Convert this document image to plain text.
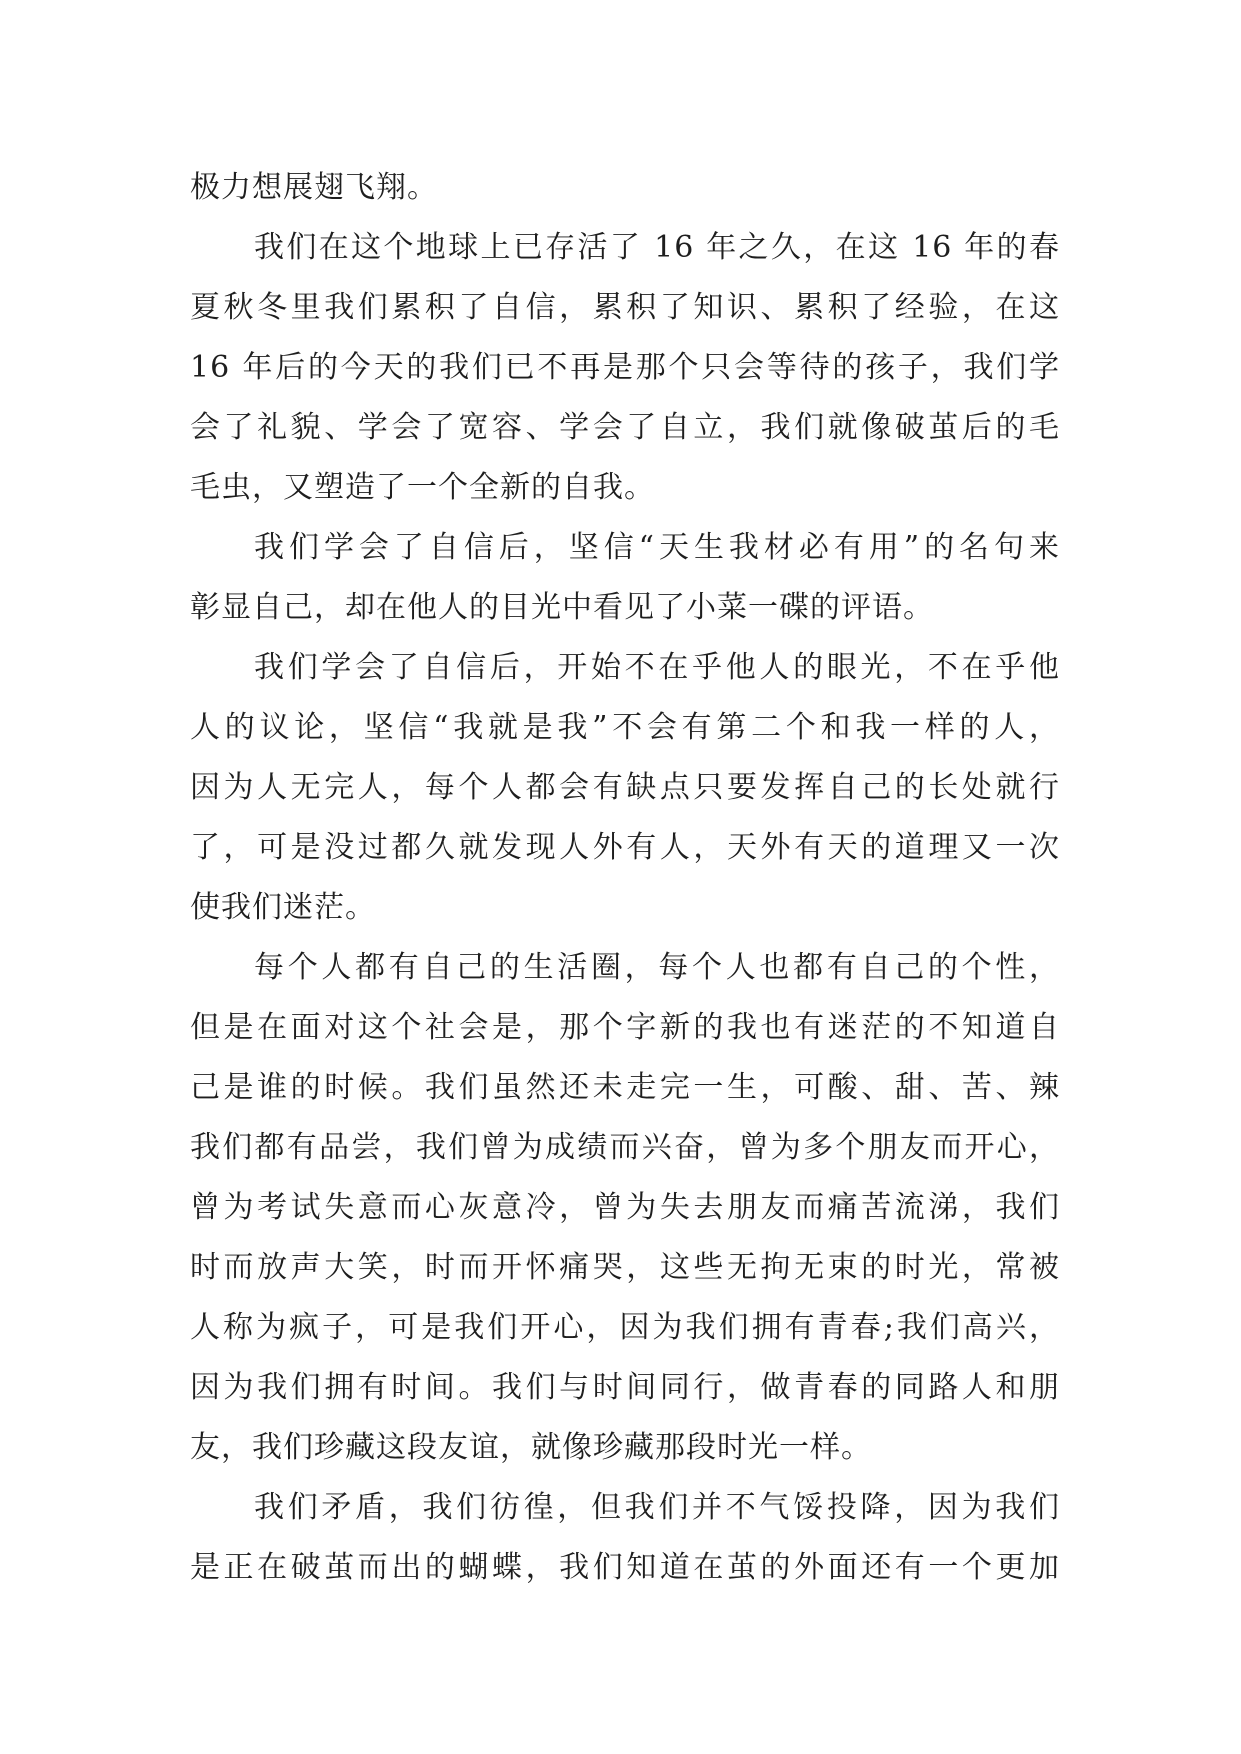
极力想展翅飞翔。
我们在这个地球上已存活了 16 年之久，在这 16 年的春
夏秋冬里我们累积了自信，累积了知识、累积了经验，在这
16 年后的今天的我们已不再是那个只会等待的孩子，我们学
会了礼貌、学会了宽容、学会了自立，我们就像破茧后的毛
毛虫，又塑造了一个全新的自我。
我们学会了自信后，坚信“天生我材必有用”的名句来
彰显自己，却在他人的目光中看见了小菜一碟的评语。
我们学会了自信后，开始不在乎他人的眼光，不在乎他
人的议论，坚信“我就是我”不会有第二个和我一样的人，
因为人无完人，每个人都会有缺点只要发挥自己的长处就行
了，可是没过都久就发现人外有人，天外有天的道理又一次
使我们迷茫。
每个人都有自己的生活圈，每个人也都有自己的个性，
但是在面对这个社会是，那个字新的我也有迷茫的不知道自
己是谁的时候。我们虽然还未走完一生，可酸、甜、苦、辣
我们都有品尝，我们曾为成绩而兴奋，曾为多个朋友而开心，
曾为考试失意而心灰意冷，曾为失去朋友而痛苦流涕，我们
时而放声大笑，时而开怀痛哭，这些无拘无束的时光，常被
人称为疯子，可是我们开心，因为我们拥有青春;我们高兴，
因为我们拥有时间。我们与时间同行，做青春的同路人和朋
友，我们珍藏这段友谊，就像珍藏那段时光一样。
我们矛盾，我们彷徨，但我们并不气馁投降，因为我们
是正在破茧而出的蝴蝶，我们知道在茧的外面还有一个更加
